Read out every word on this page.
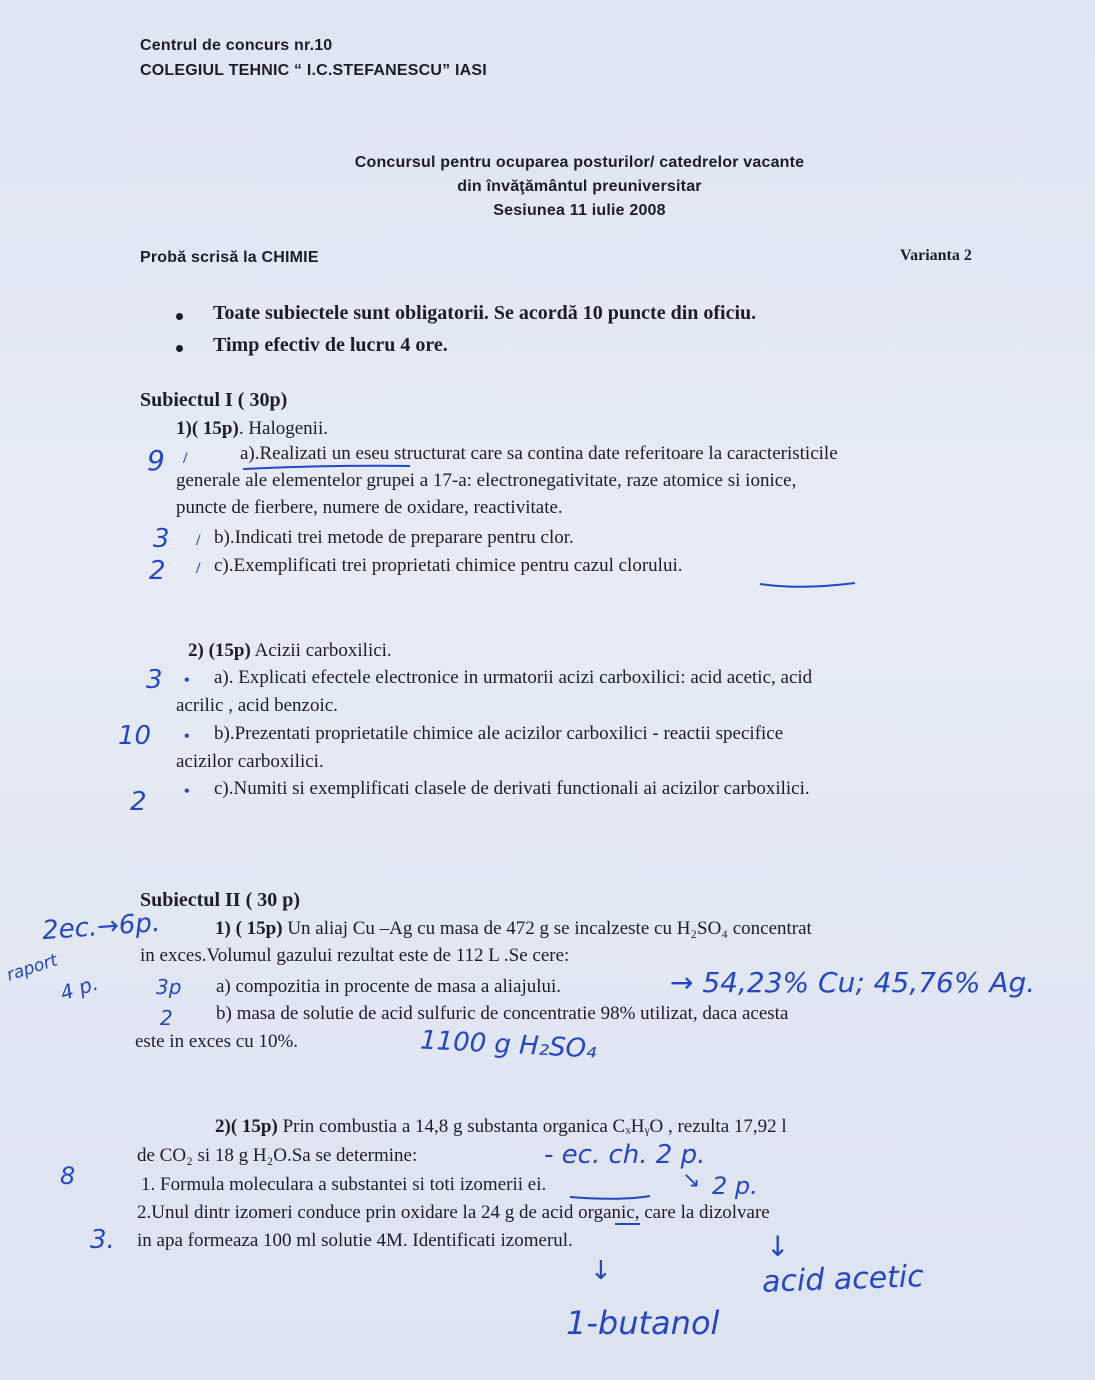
Centrul de concurs nr.10
COLEGIUL TEHNIC “ I.C.STEFANESCU” IASI
Concursul pentru ocuparea posturilor/ catedrelor vacante
din învăţământul preuniversitar
Sesiunea 11 iulie 2008
Probă scrisă la CHIMIE	Varianta 2
Toate subiectele sunt obligatorii. Se acordă 10 puncte din oficiu.
Timp efectiv de lucru 4 ore.
Subiectul I ( 30p)
1)( 15p). Halogenii.
a).Realizati un eseu structurat care sa contina date referitoare la caracteristicile
generale ale elementelor grupei a 17-a: electronegativitate, raze atomice si ionice,
puncte de fierbere, numere de oxidare, reactivitate.
b).Indicati trei metode de preparare pentru clor.
c).Exemplificati trei proprietati chimice pentru cazul clorului.
2) (15p) Acizii carboxilici.
a). Explicati efectele electronice in urmatorii acizi carboxilici: acid acetic, acid
acrilic , acid benzoic.
b).Prezentati proprietatile chimice ale acizilor carboxilici - reactii specifice
acizilor carboxilici.
c).Numiti si exemplificati clasele de derivati functionali ai acizilor carboxilici.
Subiectul II ( 30 p)
1) ( 15p) Un aliaj Cu –Ag cu masa de 472 g se incalzeste cu H₂SO₄ concentrat
in exces.Volumul gazului rezultat este de 112 L .Se cere:
a) compozitia in procente de masa a aliajului.
b) masa de solutie de acid sulfuric de concentratie 98% utilizat, daca acesta
este in exces cu 10%.
2)( 15p) Prin combustia a 14,8 g substanta organica CₓHᵧO , rezulta 17,92 l
de CO₂ si 18 g H₂O.Sa se determine:
1. Formula moleculara a substantei si toti izomerii ei.
2.Unul dintr izomeri conduce prin oxidare la 24 g de acid organic, care la dizolvare
in apa formeaza 100 ml solutie 4M. Identificati izomerul.
9
3
2
/
/
/
3
10
2
•
•
•
2ec.→6p.
raport
4 p.	3p
2
→ 54,23% Cu; 45,76% Ag.
1100 g H₂SO₄
- ec. ch. 2 p.
2 p.
↘
8
3.
↓
↓
acid acetic
1-butanol
